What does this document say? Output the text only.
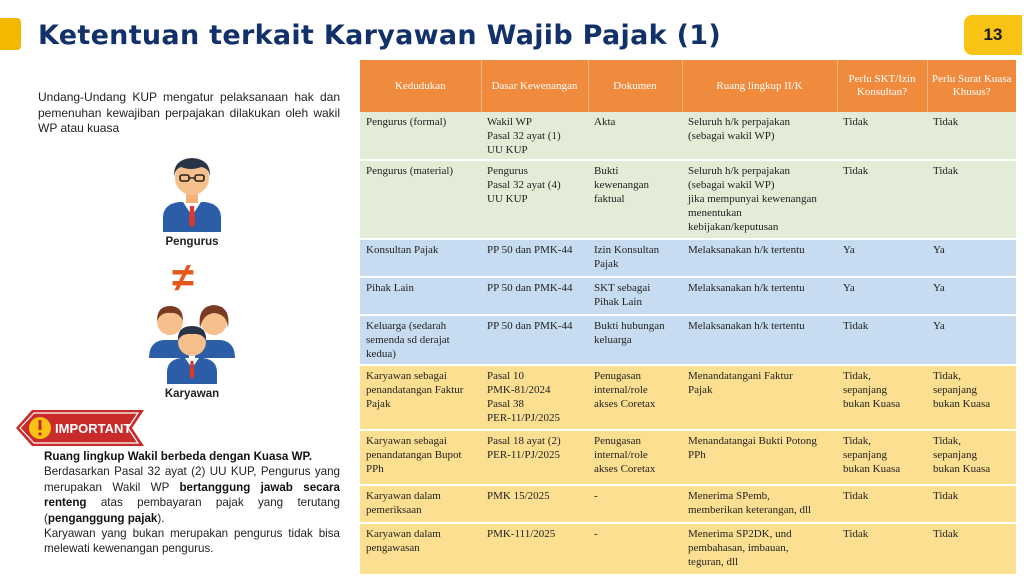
Ketentuan terkait Karyawan Wajib Pajak (1)	13

Undang-Undang KUP mengatur pelaksanaan hak dan pemenuhan kewajiban perpajakan dilakukan oleh wakil WP atau kuasa

Pengurus
≠
Karyawan
IMPORTANT

Ruang lingkup Wakil berbeda dengan Kuasa WP.

Berdasarkan Pasal 32 ayat (2) UU KUP, Pengurus yang merupakan Wakil WP bertanggung jawab secara renteng atas pembayaran pajak yang terutang (penganggung pajak).

Karyawan yang bukan merupakan pengurus tidak bisa melewati kewenangan pengurus.

Kedudukan	Dasar Kewenangan	Dokumen	Ruang lingkup II/K	Perlu SKT/Izin Konsultan?	Perlu Surat Kuasa Khusus?
Pengurus (formal)	Wakil WP
Pasal 32 ayat (1)
UU KUP	Akta	Seluruh h/k perpajakan
(sebagai wakil WP)	Tidak	Tidak
Pengurus (material)	Pengurus
Pasal 32 ayat (4)
UU KUP	Bukti
kewenangan
faktual	Seluruh h/k perpajakan
(sebagai wakil WP)
jika mempunyai kewenangan
menentukan
kebijakan/keputusan	Tidak	Tidak
Konsultan Pajak	PP 50 dan PMK-44	Izin Konsultan
Pajak	Melaksanakan h/k tertentu	Ya	Ya
Pihak Lain	PP 50 dan PMK-44	SKT sebagai
Pihak Lain	Melaksanakan h/k tertentu	Ya	Ya
Keluarga (sedarah
semenda sd derajat
kedua)	PP 50 dan PMK-44	Bukti hubungan
keluarga	Melaksanakan h/k tertentu	Tidak	Ya
Karyawan sebagai
penandatangan Faktur
Pajak	Pasal 10
PMK-81/2024
Pasal 38
PER-11/PJ/2025	Penugasan
internal/role
akses Coretax	Menandatangani Faktur
Pajak	Tidak,
sepanjang
bukan Kuasa	Tidak,
sepanjang
bukan Kuasa
Karyawan sebagai
penandatangan Bupot
PPh	Pasal 18 ayat (2)
PER-11/PJ/2025	Penugasan
internal/role
akses Coretax	Menandatangai Bukti Potong
PPh	Tidak,
sepanjang
bukan Kuasa	Tidak,
sepanjang
bukan Kuasa
Karyawan dalam
pemeriksaan	PMK 15/2025	-	Menerima SPemb,
memberikan keterangan, dll	Tidak	Tidak
Karyawan dalam
pengawasan	PMK-111/2025	-	Menerima SP2DK, und
pembahasan, imbauan,
teguran, dll	Tidak	Tidak
